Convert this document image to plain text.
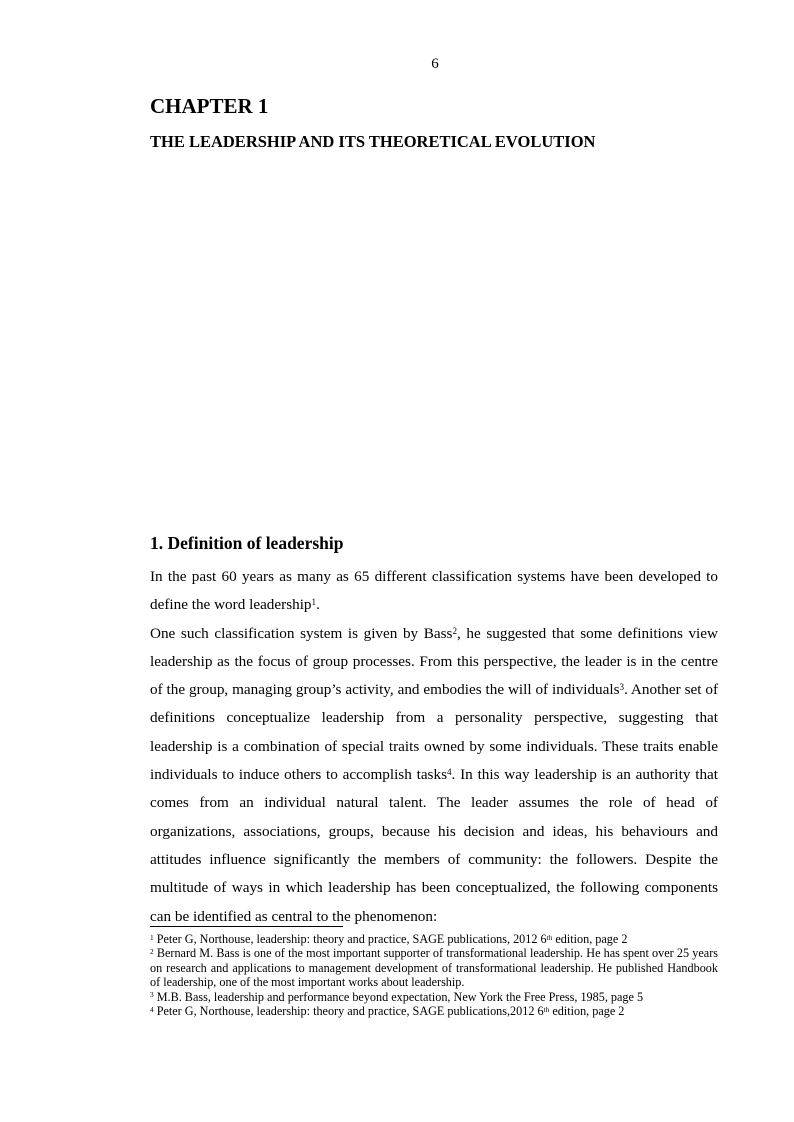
6
CHAPTER 1
THE LEADERSHIP AND ITS THEORETICAL EVOLUTION
1. Definition of leadership

In the past 60 years as many as 65 different classification systems have been developed to define the word leadership$^1$.

One such classification system is given by Bass$^2$, he suggested that some definitions view leadership as the focus of group processes. From this perspective, the leader is in the centre of the group, managing group’s activity, and embodies the will of individuals$^3$. Another set of definitions conceptualize leadership from a personality perspective, suggesting that leadership is a combination of special traits owned by some individuals. These traits enable individuals to induce others to accomplish tasks$^4$. In this way leadership is an authority that comes from an individual natural talent. The leader assumes the role of head of organizations, associations, groups, because his decision and ideas, his behaviours and attitudes influence significantly the members of community: the followers. Despite the multitude of ways in which leadership has been conceptualized, the following components can be identified as central to the phenomenon:

$^1$ Peter G, Northouse, leadership: theory and practice, SAGE publications, 2012 6th edition, page 2

$^2$ Bernard M. Bass is one of the most important supporter of transformational leadership. He has spent over 25 years on research and applications to management development of transformational leadership. He published Handbook of leadership, one of the most important works about leadership.

$^3$ M.B. Bass, leadership and performance beyond expectation, New York the Free Press, 1985, page 5

$^4$ Peter G, Northouse, leadership: theory and practice, SAGE publications,2012 6th edition, page 2
